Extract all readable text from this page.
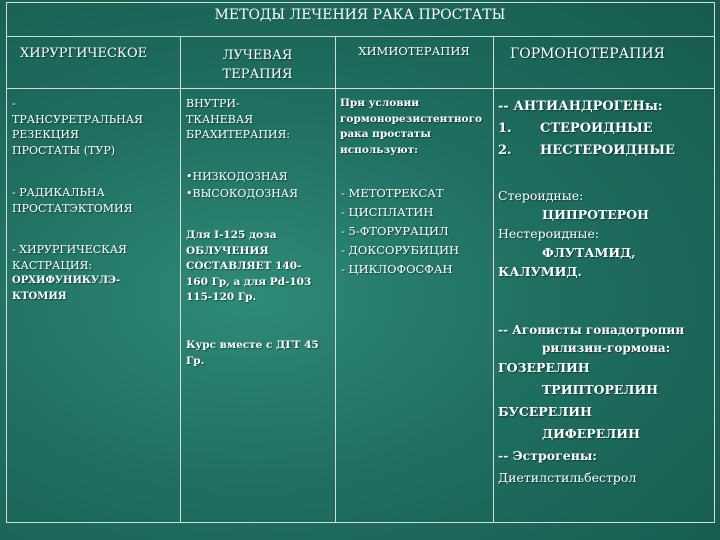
МЕТОДЫ ЛЕЧЕНИЯ РАКА ПРОСТАТЫ
ХИРУРГИЧЕСКОЕ	ЛУЧЕВАЯ
ТЕРАПИЯ
ХИМИОТЕРАПИЯ	ГОРМОНОТЕРАПИЯ
-
ТРАНСУРЕТРАЛЬНАЯ
РЕЗЕКЦИЯ
ПРОСТАТЫ (ТУР)
- РАДИКАЛЬНА
ПРОСТАТЭКТОМИЯ
- ХИРУРГИЧЕСКАЯ
КАСТРАЦИЯ:
ОРХИФУНИКУЛЭ-
КТОМИЯ
ВНУТРИ-
ТКАНЕВАЯ
БРАХИТЕРАПИЯ:
• НИЗКОДОЗНАЯ
• ВЫСОКОДОЗНАЯ
Для I-125 доза
ОБЛУЧЕНИЯ
СОСТАВЛЯЕТ 140-
160 Гр, а для Pd-103
115-120 Гр.
Курс вместе с ДГТ 45
Гр.
При условии
гормонорезистентного
рака простаты
используют:
- МЕТОТРЕКСАТ
- ЦИСПЛАТИН
- 5-ФТОРУРАЦИЛ
- ДОКСОРУБИЦИН
- ЦИКЛОФОСФАН
-- АНТИАНДРОГЕНы:
1. СТЕРОИДНЫЕ
2. НЕСТЕРОИДНЫЕ
Стероидные:
ЦИПРОТЕРОН
Нестероидные:
ФЛУТАМИД,
КАЛУМИД.
-- Агонисты гонадотропин
рилизин-гормона:
ГОЗЕРЕЛИН
ТРИПТОРЕЛИН
БУСЕРЕЛИН
ДИФЕРЕЛИН
-- Эстрогены:
Диетилстильбестрол
